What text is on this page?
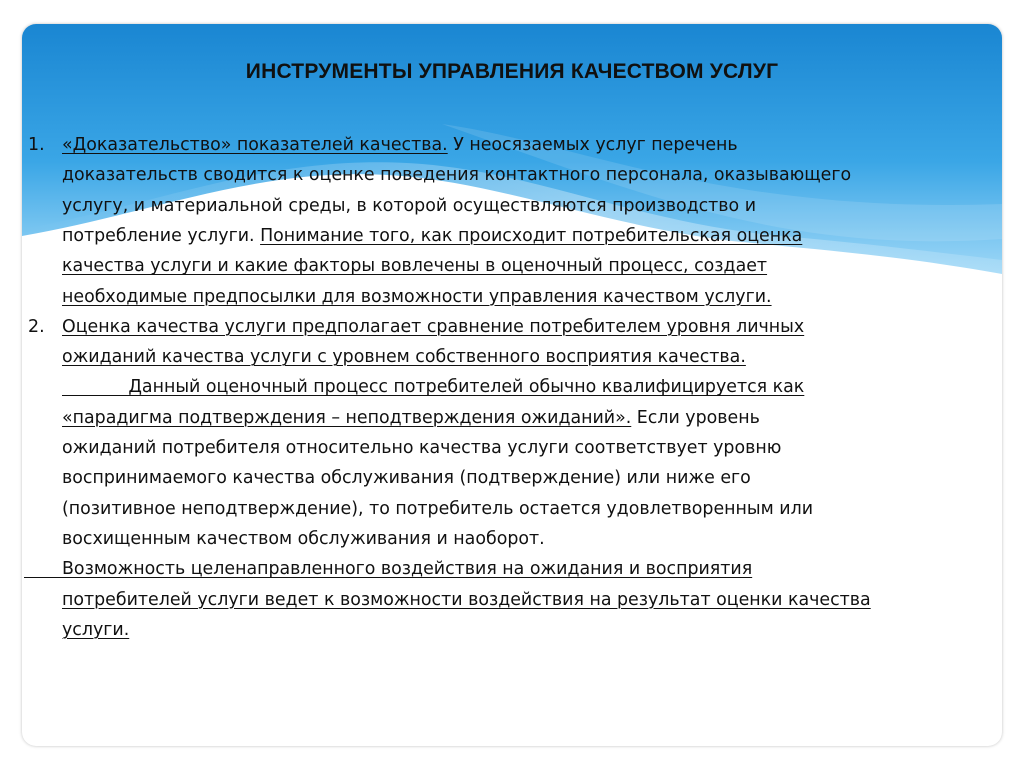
ИНСТРУМЕНТЫ УПРАВЛЕНИЯ КАЧЕСТВОМ УСЛУГ
1. «Доказательство» показателей качества. У неосязаемых услуг перечень
доказательств сводится к оценке поведения контактного персонала, оказывающего
услугу, и материальной среды, в которой осуществляются производство и
потребление услуги. Понимание того, как происходит потребительская оценка
качества услуги и какие факторы вовлечены в оценочный процесс, создает
необходимые предпосылки для возможности управления качеством услуги.
2. Оценка качества услуги предполагает сравнение потребителем уровня личных
ожиданий качества услуги с уровнем собственного восприятия качества.
Данный оценочный процесс потребителей обычно квалифицируется как
«парадигма подтверждения – неподтверждения ожиданий». Если уровень
ожиданий потребителя относительно качества услуги соответствует уровню
воспринимаемого качества обслуживания (подтверждение) или ниже его
(позитивное неподтверждение), то потребитель остается удовлетворенным или
восхищенным качеством обслуживания и наоборот.

Возможность целенаправленного воздействия на ожидания и восприятия
потребителей услуги ведет к возможности воздействия на результат оценки качества
услуги.
